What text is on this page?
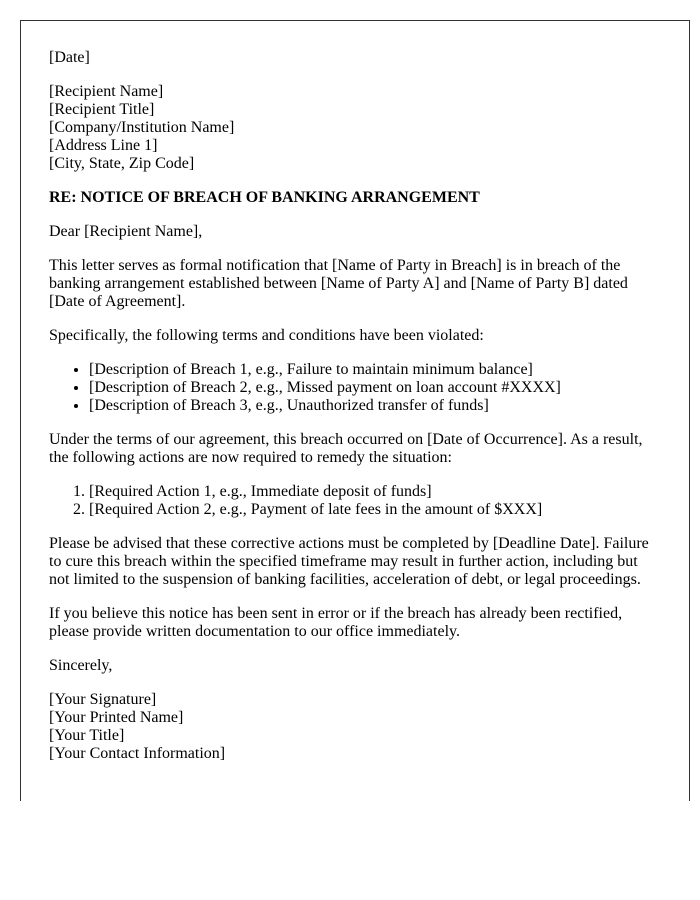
[Date]

[Recipient Name]
[Recipient Title]
[Company/Institution Name]
[Address Line 1]
[City, State, Zip Code]

RE: NOTICE OF BREACH OF BANKING ARRANGEMENT

Dear [Recipient Name],

This letter serves as formal notification that [Name of Party in Breach] is in breach of the banking arrangement established between [Name of Party A] and [Name of Party B] dated [Date of Agreement].

Specifically, the following terms and conditions have been violated:

• [Description of Breach 1, e.g., Failure to maintain minimum balance]
• [Description of Breach 2, e.g., Missed payment on loan account #XXXX]
• [Description of Breach 3, e.g., Unauthorized transfer of funds]

Under the terms of our agreement, this breach occurred on [Date of Occurrence]. As a result, the following actions are now required to remedy the situation:

1. [Required Action 1, e.g., Immediate deposit of funds]
2. [Required Action 2, e.g., Payment of late fees in the amount of $XXX]

Please be advised that these corrective actions must be completed by [Deadline Date]. Failure to cure this breach within the specified timeframe may result in further action, including but not limited to the suspension of banking facilities, acceleration of debt, or legal proceedings.

If you believe this notice has been sent in error or if the breach has already been rectified, please provide written documentation to our office immediately.

Sincerely,

[Your Signature]
[Your Printed Name]
[Your Title]
[Your Contact Information]
